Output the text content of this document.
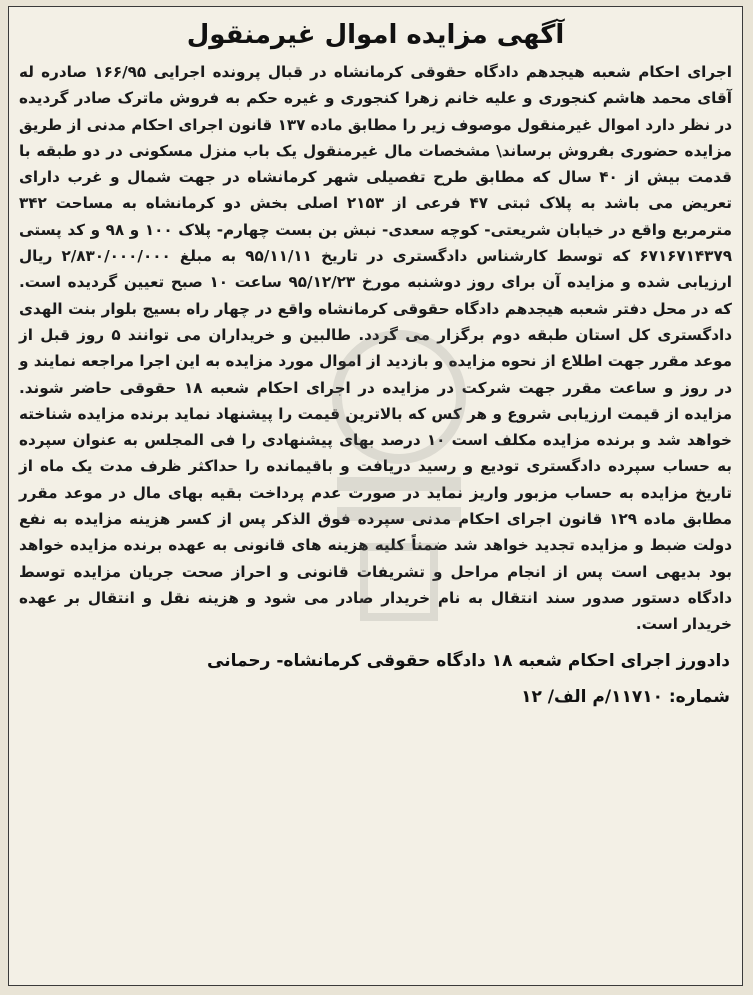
آگهی مزایده اموال غیرمنقول

اجرای احکام شعبه هیجدهم دادگاه حقوقی کرمانشاه در قبال پرونده اجرایی ۱۶۶/۹۵ صادره له آقای محمد هاشم کنجوری و علیه خانم زهرا کنجوری و غیره حکم به فروش ماترک صادر گردیده در نظر دارد اموال غیرمنقول موصوف زیر را مطابق ماده ۱۳۷ قانون اجرای احکام مدنی از طریق مزایده حضوری بفروش برساند\ مشخصات مال غیرمنقول یک باب منزل مسکونی در دو طبقه با قدمت بیش از ۴۰ سال که مطابق طرح تفصیلی شهر کرمانشاه در جهت شمال و غرب دارای تعریض می باشد به پلاک ثبتی ۴۷ فرعی از ۲۱۵۳ اصلی بخش دو کرمانشاه به مساحت ۳۴۲ مترمربع واقع در خیابان شریعتی- کوچه سعدی- نبش بن بست چهارم- پلاک ۱۰۰ و ۹۸ و کد پستی ۶۷۱۶۷۱۴۳۷۹ که توسط کارشناس دادگستری در تاریخ ۹۵/۱۱/۱۱ به مبلغ ۲/۸۳۰/۰۰۰/۰۰۰ ریال ارزیابی شده و مزایده آن برای روز دوشنبه مورخ ۹۵/۱۲/۲۳ ساعت ۱۰ صبح تعیین گردیده است. که در محل دفتر شعبه هیجدهم دادگاه حقوقی کرمانشاه واقع در چهار راه بسیج بلوار بنت الهدی دادگستری کل استان طبقه دوم برگزار می گردد. طالبین و خریداران می توانند ۵ روز قبل از موعد مقرر جهت اطلاع از نحوه مزایده و بازدید از اموال مورد مزایده به این اجرا مراجعه نمایند و در روز و ساعت مقرر جهت شرکت در مزایده در اجرای احکام شعبه ۱۸ حقوقی حاضر شوند. مزایده از قیمت ارزیابی شروع و هر کس که بالاترین قیمت را پیشنهاد نماید برنده مزایده شناخته خواهد شد و برنده مزایده مکلف است ۱۰ درصد بهای پیشنهادی را فی المجلس به عنوان سپرده به حساب سپرده دادگستری تودیع و رسید دریافت و باقیمانده را حداکثر ظرف مدت یک ماه از تاریخ مزایده به حساب مزبور واریز نماید در صورت عدم پرداخت بقیه بهای مال در موعد مقرر مطابق ماده ۱۲۹ قانون اجرای احکام مدنی سپرده فوق الذکر پس از کسر هزینه مزایده به نفع دولت ضبط و مزایده تجدید خواهد شد ضمناً کلیه هزینه های قانونی به عهده برنده مزایده خواهد بود بدیهی است پس از انجام مراحل و تشریفات قانونی و احراز صحت جریان مزایده توسط دادگاه دستور صدور سند انتقال به نام خریدار صادر می شود و هزینه نقل و انتقال بر عهده خریدار است.

دادورز اجرای احکام شعبه ۱۸ دادگاه حقوقی کرمانشاه- رحمانی

شماره: ۱۱۷۱۰/م الف/ ۱۲
